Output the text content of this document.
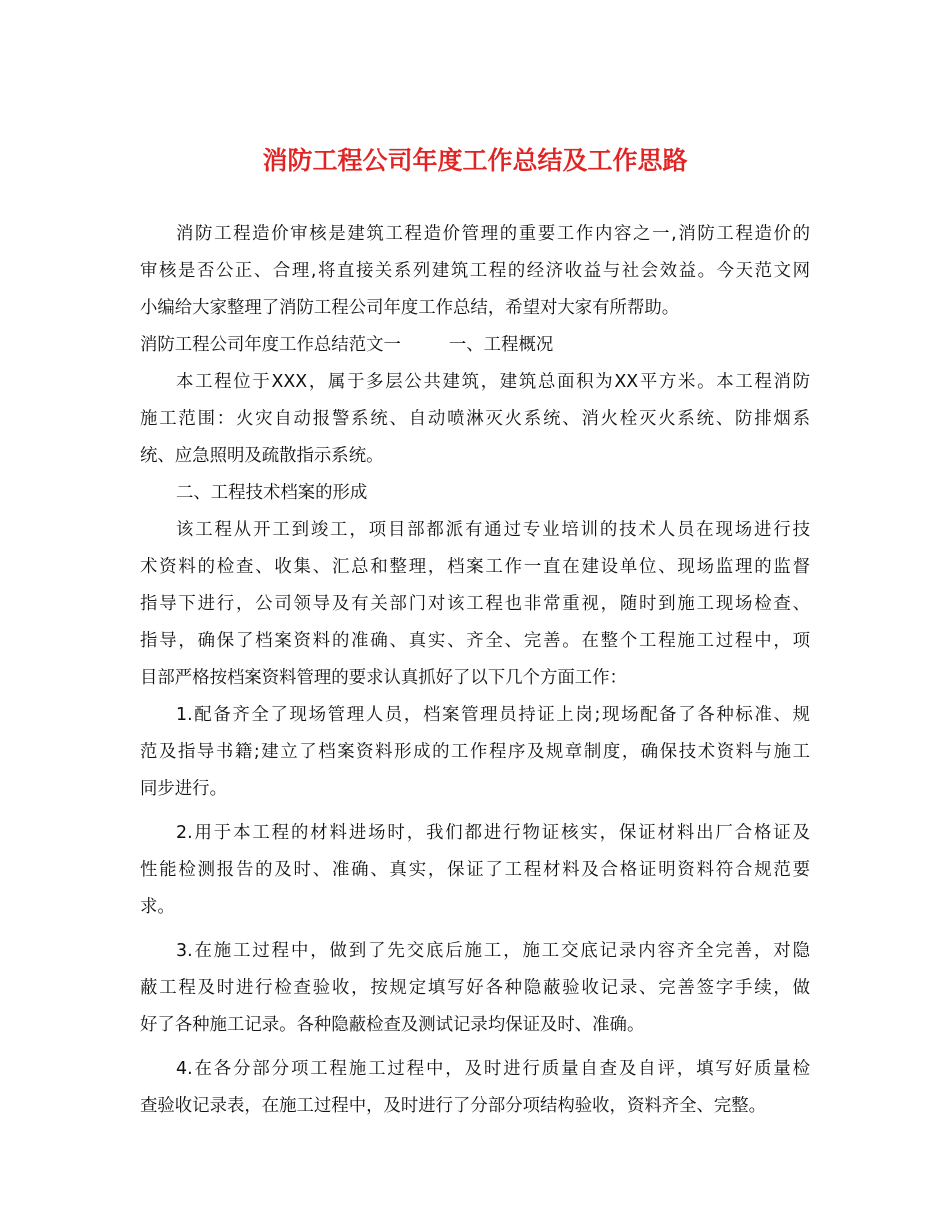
消防工程公司年度工作总结及工作思路
消防工程造价审核是建筑工程造价管理的重要工作内容之一,消防工程造价的
审核是否公正、合理,将直接关系列建筑工程的经济收益与社会效益。今天范文网
小编给大家整理了消防工程公司年度工作总结，希望对大家有所帮助。
消防工程公司年度工作总结范文一	一、工程概况
本工程位于XXX，属于多层公共建筑，建筑总面积为XX平方米。本工程消防
施工范围：火灾自动报警系统、自动喷淋灭火系统、消火栓灭火系统、防排烟系
统、应急照明及疏散指示系统。
二、工程技术档案的形成
该工程从开工到竣工，项目部都派有通过专业培训的技术人员在现场进行技
术资料的检查、收集、汇总和整理，档案工作一直在建设单位、现场监理的监督
指导下进行，公司领导及有关部门对该工程也非常重视，随时到施工现场检查、
指导，确保了档案资料的准确、真实、齐全、完善。在整个工程施工过程中，项
目部严格按档案资料管理的要求认真抓好了以下几个方面工作：
1.配备齐全了现场管理人员，档案管理员持证上岗;现场配备了各种标准、规
范及指导书籍;建立了档案资料形成的工作程序及规章制度，确保技术资料与施工
同步进行。
2.用于本工程的材料进场时，我们都进行物证核实，保证材料出厂合格证及
性能检测报告的及时、准确、真实，保证了工程材料及合格证明资料符合规范要
求。
3.在施工过程中，做到了先交底后施工，施工交底记录内容齐全完善，对隐
蔽工程及时进行检查验收，按规定填写好各种隐蔽验收记录、完善签字手续，做
好了各种施工记录。各种隐蔽检查及测试记录均保证及时、准确。
4.在各分部分项工程施工过程中，及时进行质量自查及自评，填写好质量检
查验收记录表，在施工过程中，及时进行了分部分项结构验收，资料齐全、完整。
